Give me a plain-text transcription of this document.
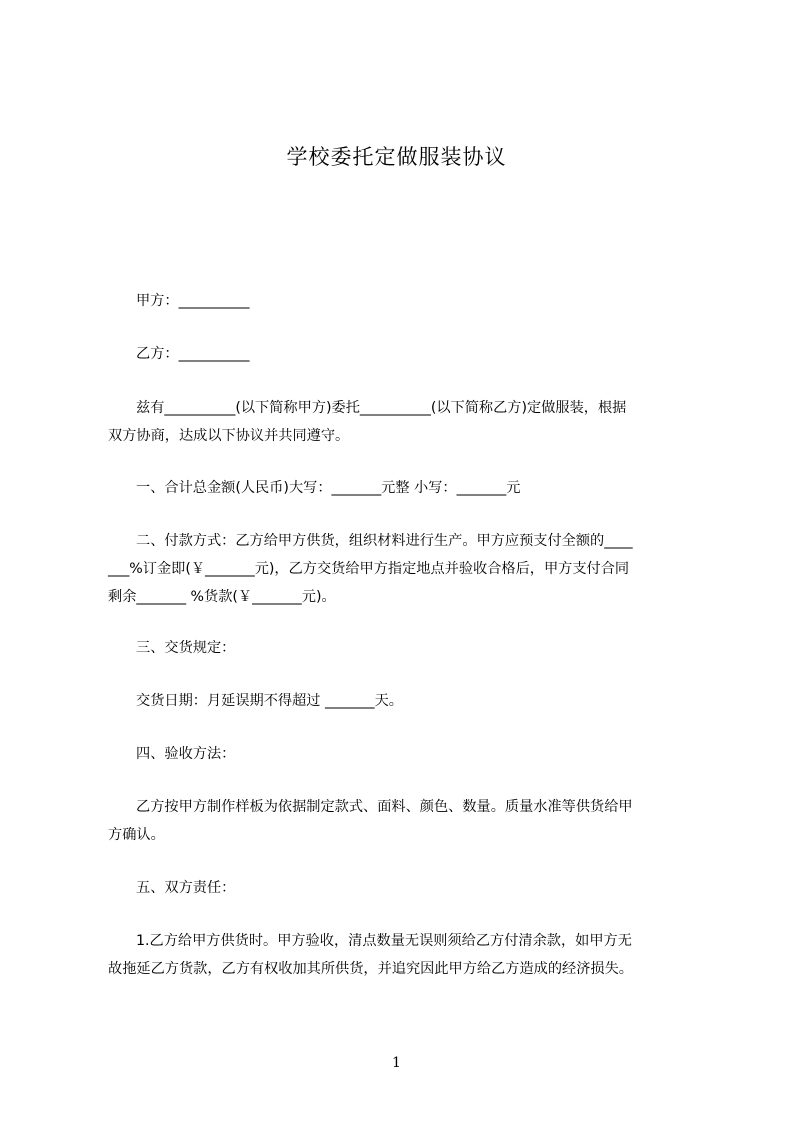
学校委托定做服装协议

甲方：__________

乙方：__________

兹有__________(以下简称甲方)委托__________(以下简称乙方)定做服装，根据
双方协商，达成以下协议并共同遵守。

一、合计总金额(人民币)大写：_______元整 小写：_______元

二、付款方式：乙方给甲方供货，组织材料进行生产。甲方应预支付全额的____
___%订金即(￥_______元)，乙方交货给甲方指定地点并验收合格后，甲方支付合同
剩余_______ %货款(￥_______元)。

三、交货规定：

交货日期：月延误期不得超过 _______天。

四、验收方法：

乙方按甲方制作样板为依据制定款式、面料、颜色、数量。质量水准等供货给甲
方确认。

五、双方责任：

1.乙方给甲方供货时。甲方验收，清点数量无误则须给乙方付清余款，如甲方无
故拖延乙方货款，乙方有权收加其所供货，并追究因此甲方给乙方造成的经济损失。
1
